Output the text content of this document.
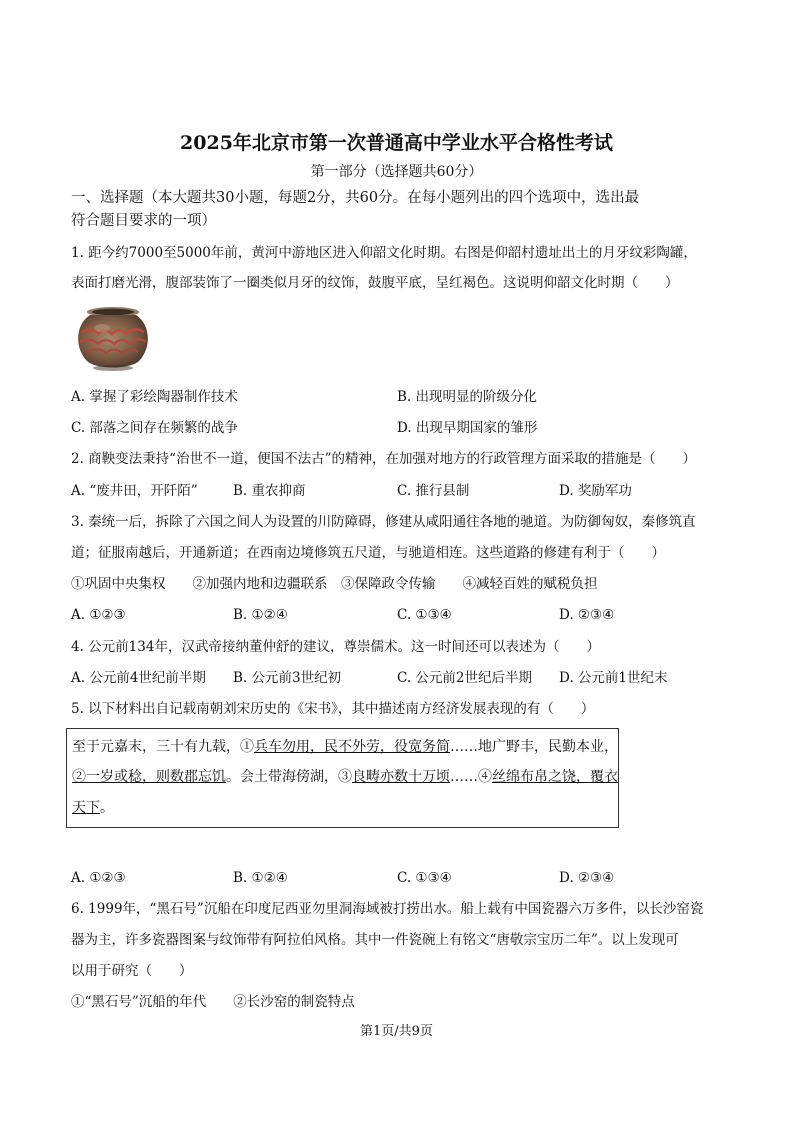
2025年北京市第一次普通高中学业水平合格性考试
第一部分（选择题共60分）
一、选择题（本大题共30小题，每题2分，共60分。在每小题列出的四个选项中，选出最
符合题目要求的一项）
1. 距今约7000至5000年前，黄河中游地区进入仰韶文化时期。右图是仰韶村遗址出土的月牙纹彩陶罐，
表面打磨光滑，腹部装饰了一圈类似月牙的纹饰，鼓腹平底，呈红褐色。这说明仰韶文化时期（　　）
A. 掌握了彩绘陶器制作技术	B. 出现明显的阶级分化
C. 部落之间存在频繁的战争	D. 出现早期国家的雏形
2. 商鞅变法秉持“治世不一道，便国不法古”的精神，在加强对地方的行政管理方面采取的措施是（　　）
A. “废井田，开阡陌”	B. 重农抑商	C. 推行县制	D. 奖励军功
3. 秦统一后，拆除了六国之间人为设置的川防障碍，修建从咸阳通往各地的驰道。为防御匈奴，秦修筑直
道；征服南越后，开通新道；在西南边境修筑五尺道，与驰道相连。这些道路的修建有利于（　　）
①巩固中央集权　　②加强内地和边疆联系　③保障政令传输　　④减轻百姓的赋税负担
A. ①②③	B. ①②④	C. ①③④	D. ②③④
4. 公元前134年，汉武帝接纳董仲舒的建议，尊崇儒术。这一时间还可以表述为（　　）
A. 公元前4世纪前半期 B. 公元前3世纪初	C. 公元前2世纪后半期 D. 公元前1世纪末
5. 以下材料出自记载南朝刘宋历史的《宋书》，其中描述南方经济发展表现的有（　　）
至于元嘉末，三十有九载，①兵车勿用，民不外劳，役宽务简……地广野丰，民勤本业，
②一岁或稔，则数郡忘饥。会土带海傍湖，③良畴亦数十万顷……④丝绵布帛之饶，覆衣
天下。
A. ①②③	B. ①②④	C. ①③④	D. ②③④
6. 1999年，“黑石号”沉船在印度尼西亚勿里洞海域被打捞出水。船上载有中国瓷器六万多件，以长沙窑瓷
器为主，许多瓷器图案与纹饰带有阿拉伯风格。其中一件瓷碗上有铭文“唐敬宗宝历二年”。以上发现可
以用于研究（　　）
①“黑石号”沉船的年代　　②长沙窑的制瓷特点
第1页/共9页
